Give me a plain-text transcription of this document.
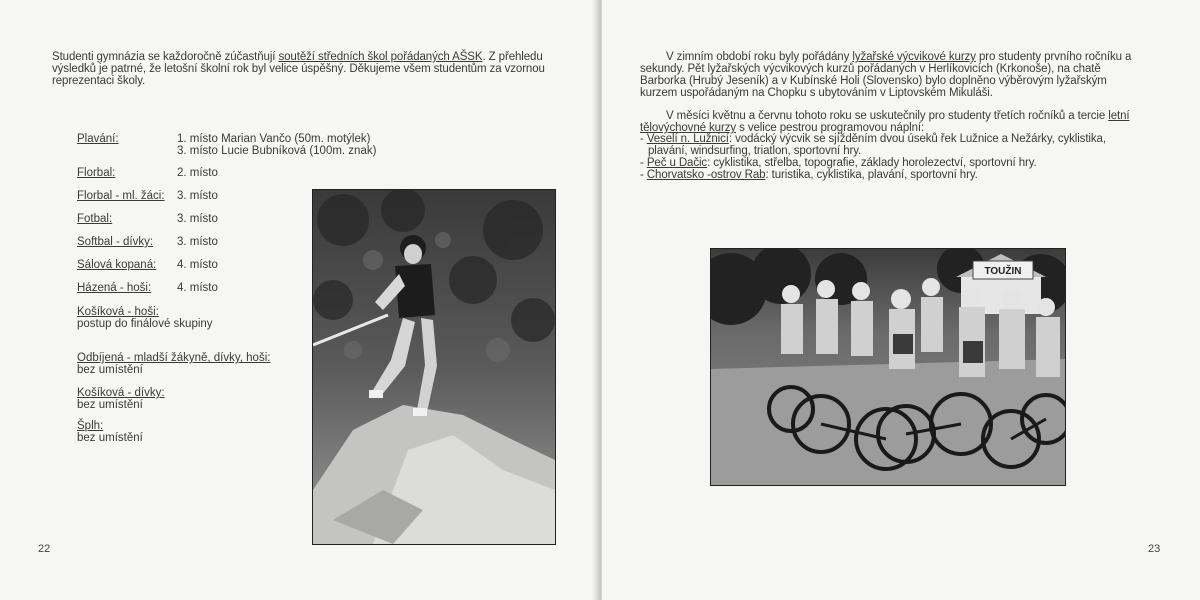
Studenti gymnázia se každoročně zúčastňují soutěží středních škol pořádaných AŠSK. Z přehledu výsledků je patrné, že letošní školní rok byl velice úspěšný. Děkujeme všem studentům za vzornou reprezentaci školy.

Plavání:	1. místo Marian Vančo (50m. motýlek)
3. místo Lucie Bubníková (100m. znak)
Florbal:	2. místo
Florbal - ml. žáci: 3. místo
Fotbal:	3. místo
Softbal - dívky: 3. místo
Sálová kopaná: 4. místo
Házená - hoši: 4. místo
Košíková - hoši:
postup do finálové skupiny
Odbíjená - mladší žákyně, dívky, hoši:
bez umístění
Košíková - dívky:
bez umístění
Šplh:
bez umístění
22

V zimním období roku byly pořádány lyžařské výcvikové kurzy pro studenty prvního ročníku a sekundy. Pět lyžařských výcvikových kurzů pořádaných v Herlíkovicích (Krkonoše), na chatě Barborka (Hrubý Jeseník) a v Kubínské Holi (Slovensko) bylo doplněno výběrovým lyžařským kurzem uspořádaným na Chopku s ubytováním v Liptovském Mikuláši.

V měsíci květnu a červnu tohoto roku se uskutečnily pro studenty třetích ročníků a tercie letní tělovýchovné kurzy s velice pestrou programovou náplní:

- Veselí n. Lužnicí: vodácký výcvik se sjížděním dvou úseků řek Lužnice a Nežárky, cyklistika, plavání, windsurfing, triatlon, sportovní hry.
- Peč u Dačic: cyklistika, střelba, topografie, základy horolezectví, sportovní hry.
- Chorvatsko -ostrov Rab: turistika, cyklistika, plavání, sportovní hry.
TOUŽIN
23
